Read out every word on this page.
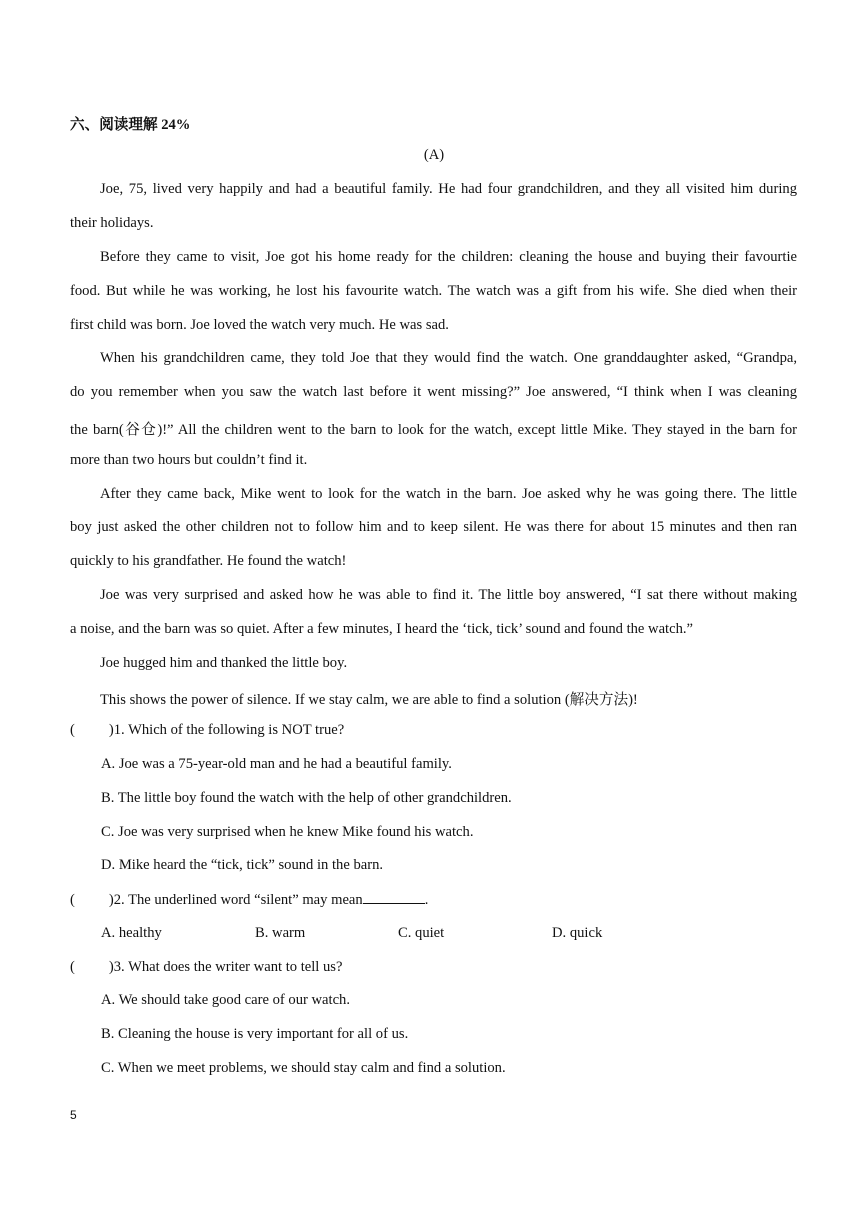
六、阅读理解 24%
(A)
Joe, 75, lived very happily and had a beautiful family. He had four grandchildren, and they all visited him during
their holidays.
Before they came to visit, Joe got his home ready for the children: cleaning the house and buying their favourtie
food. But while he was working, he lost his favourite watch. The watch was a gift from his wife. She died when their
first child was born. Joe loved the watch very much. He was sad.
When his grandchildren came, they told Joe that they would find the watch. One granddaughter asked, “Grandpa,
do you remember when you saw the watch last before it went missing?” Joe answered, “I think when I was cleaning
the barn(谷仓)!” All the children went to the barn to look for the watch, except little Mike. They stayed in the barn for
more than two hours but couldn’t find it.
After they came back, Mike went to look for the watch in the barn. Joe asked why he was going there. The little
boy just asked the other children not to follow him and to keep silent. He was there for about 15 minutes and then ran
quickly to his grandfather. He found the watch!
Joe was very surprised and asked how he was able to find it. The little boy answered, “I sat there without making
a noise, and the barn was so quiet. After a few minutes, I heard the ‘tick, tick’ sound and found the watch.”
Joe hugged him and thanked the little boy.
This shows the power of silence. If we stay calm, we are able to find a solution (解决方法)!
( )1. Which of the following is NOT true?
A. Joe was a 75-year-old man and he had a beautiful family.
B. The little boy found the watch with the help of other grandchildren.
C. Joe was very surprised when he knew Mike found his watch.
D. Mike heard the “tick, tick” sound in the barn.
( )2. The underlined word “silent” may mean	.
A. healthy	B. warm	C. quiet	D. quick
( )3. What does the writer want to tell us?
A. We should take good care of our watch.
B. Cleaning the house is very important for all of us.
C. When we meet problems, we should stay calm and find a solution.
5
